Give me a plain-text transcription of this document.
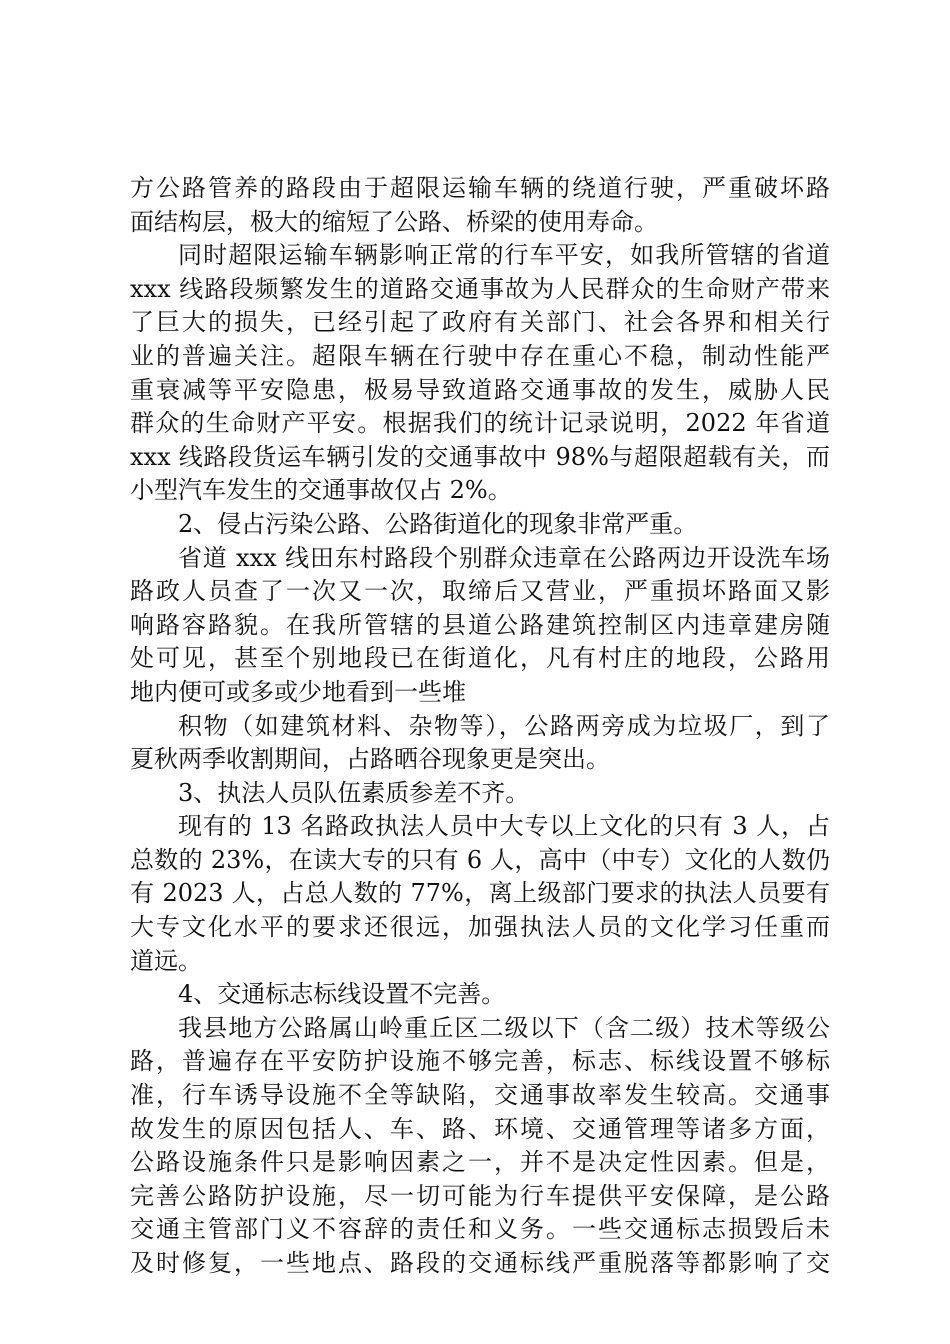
方公路管养的路段由于超限运输车辆的绕道行驶，严重破坏路
面结构层，极大的缩短了公路、桥梁的使用寿命。
同时超限运输车辆影响正常的行车平安，如我所管辖的省道
xxx 线路段频繁发生的道路交通事故为人民群众的生命财产带来
了巨大的损失，已经引起了政府有关部门、社会各界和相关行
业的普遍关注。超限车辆在行驶中存在重心不稳，制动性能严
重衰减等平安隐患，极易导致道路交通事故的发生，威胁人民
群众的生命财产平安。根据我们的统计记录说明，2022 年省道
xxx 线路段货运车辆引发的交通事故中 98%与超限超载有关，而
小型汽车发生的交通事故仅占 2%。
2、侵占污染公路、公路街道化的现象非常严重。
省道 xxx 线田东村路段个别群众违章在公路两边开设洗车场
路政人员查了一次又一次，取缔后又营业，严重损坏路面又影
响路容路貌。在我所管辖的县道公路建筑控制区内违章建房随
处可见，甚至个别地段已在街道化，凡有村庄的地段，公路用
地内便可或多或少地看到一些堆
积物（如建筑材料、杂物等），公路两旁成为垃圾厂，到了
夏秋两季收割期间，占路晒谷现象更是突出。
3、执法人员队伍素质参差不齐。
现有的 13 名路政执法人员中大专以上文化的只有 3 人，占
总数的 23%，在读大专的只有 6 人，高中（中专）文化的人数仍
有 2023 人，占总人数的 77%，离上级部门要求的执法人员要有
大专文化水平的要求还很远，加强执法人员的文化学习任重而
道远。
4、交通标志标线设置不完善。
我县地方公路属山岭重丘区二级以下（含二级）技术等级公
路，普遍存在平安防护设施不够完善，标志、标线设置不够标
准，行车诱导设施不全等缺陷，交通事故率发生较高。交通事
故发生的原因包括人、车、路、环境、交通管理等诸多方面，
公路设施条件只是影响因素之一，并不是决定性因素。但是，
完善公路防护设施，尽一切可能为行车提供平安保障，是公路
交通主管部门义不容辞的责任和义务。一些交通标志损毁后未
及时修复，一些地点、路段的交通标线严重脱落等都影响了交
